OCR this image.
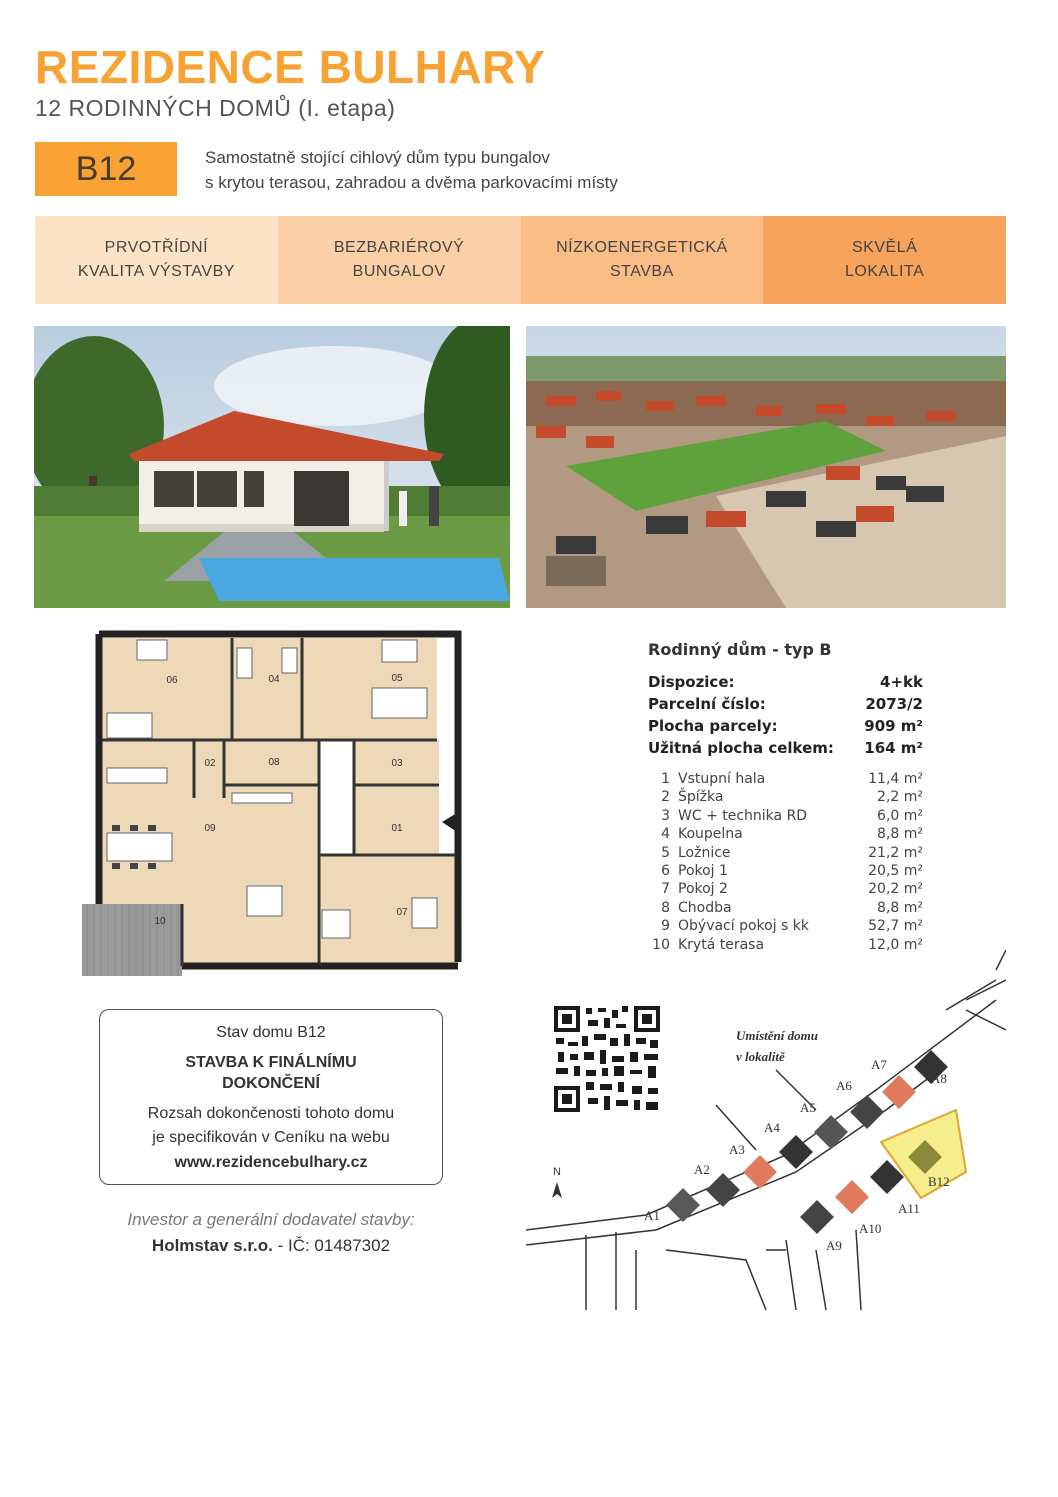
REZIDENCE BULHARY
12 RODINNÝCH DOMŮ (I. etapa)
B12	Samostatně stojící cihlový dům typu bungalov
s krytou terasou, zahradou a dvěma parkovacími místy
PRVOTŘÍDNÍ
KVALITA VÝSTAVBY
BEZBARIÉROVÝ
BUNGALOV
NÍZKOENERGETICKÁ
STAVBA
SKVĚLÁ
LOKALITA
06	04	05
02	08	03
09	01
10
07
Rodinný dům - typ B
Dispozice:	4+kk
Parcelní číslo:	2073/2
Plocha parcely:	909 m²
Užitná plocha celkem: 164 m²
1 Vstupní hala	11,4 m²
2 Špížka	2,2 m²
3 WC + technika RD	6,0 m²
4 Koupelna	8,8 m²
5 Ložnice	21,2 m²
6 Pokoj 1	20,5 m²
7 Pokoj 2	20,2 m²
8 Chodba	8,8 m²
9 Obývací pokoj s kk	52,7 m²
10 Krytá terasa	12,0 m²
Stav domu B12
STAVBA K FINÁLNÍMU
DOKONČENÍ
Rozsah dokončenosti tohoto domu
je specifikován v Ceníku na webu
www.rezidencebulhary.cz
Investor a generální dodavatel stavby:
Holmstav s.r.o. - IČ: 01487302
N
Umístění domu
v lokalitě
A1
A2
A3
A4
A5
A6
A7
A8
A9
A10
A11
B12
